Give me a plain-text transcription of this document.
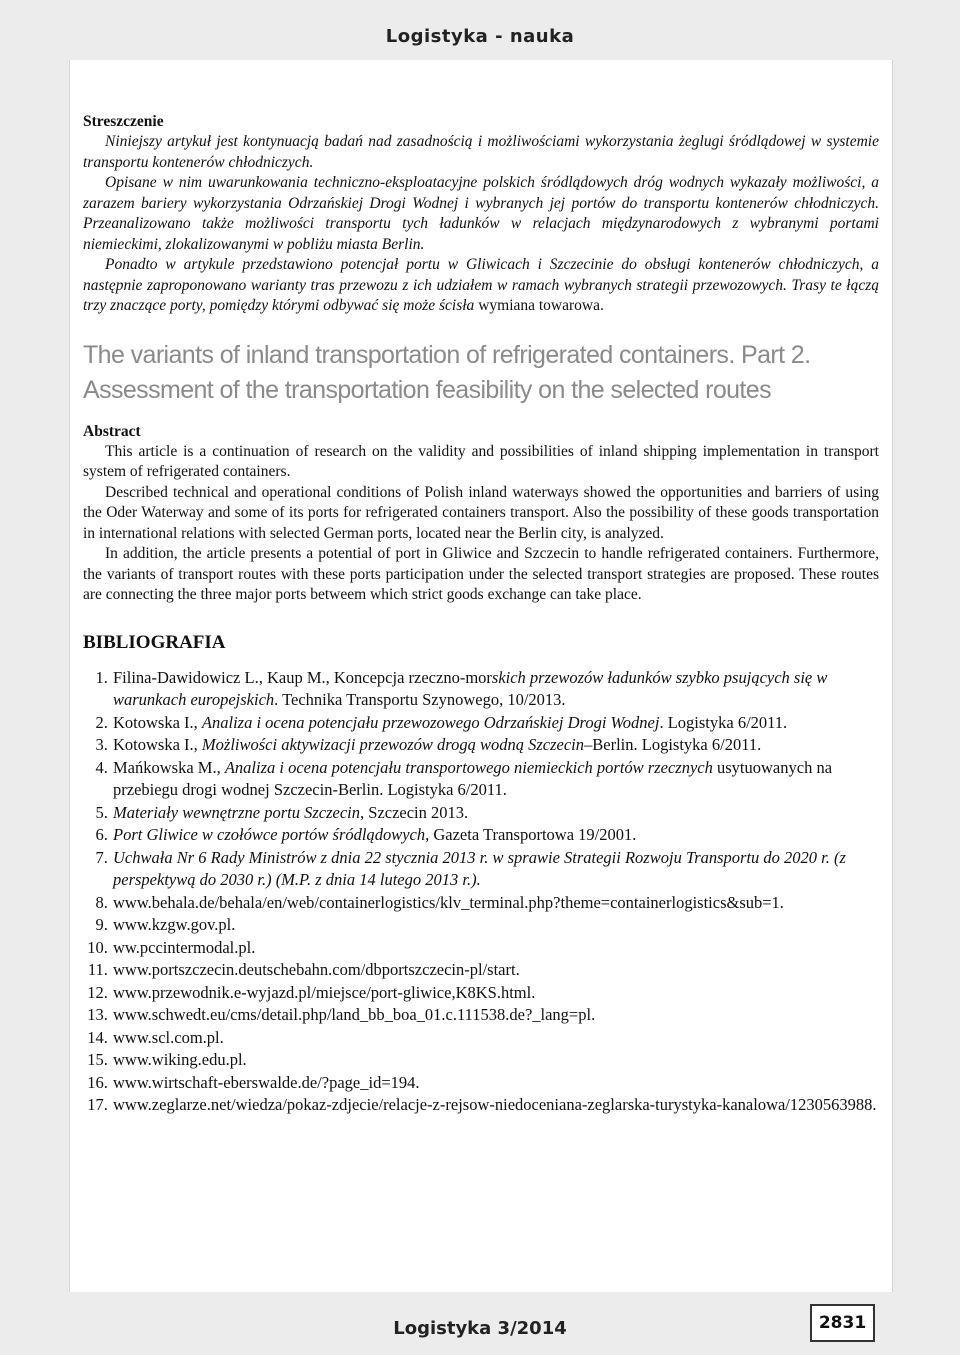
Logistyka - nauka
Streszczenie

Niniejszy artykuł jest kontynuacją badań nad zasadnością i możliwościami wykorzystania żeglugi śródlądowej w systemie transportu kontenerów chłodniczych.

Opisane w nim uwarunkowania techniczno-eksploatacyjne polskich śródlądowych dróg wodnych wykazały możliwości, a zarazem bariery wykorzystania Odrzańskiej Drogi Wodnej i wybranych jej portów do transportu kontenerów chłodniczych. Przeanalizowano także możliwości transportu tych ładunków w relacjach międzynarodowych z wybranymi portami niemieckimi, zlokalizowanymi w pobliżu miasta Berlin.

Ponadto w artykule przedstawiono potencjał portu w Gliwicach i Szczecinie do obsługi kontenerów chłodniczych, a następnie zaproponowano warianty tras przewozu z ich udziałem w ramach wybranych strategii przewozowych. Trasy te łączą trzy znaczące porty, pomiędzy którymi odbywać się może ścisła wymiana towarowa.

The variants of inland transportation of refrigerated containers. Part 2.
Assessment of the transportation feasibility on the selected routes
Abstract

This article is a continuation of research on the validity and possibilities of inland shipping implementation in transport system of refrigerated containers.

Described technical and operational conditions of Polish inland waterways showed the opportunities and barriers of using the Oder Waterway and some of its ports for refrigerated containers transport. Also the possibility of these goods transportation in international relations with selected German ports, located near the Berlin city, is analyzed.

In addition, the article presents a potential of port in Gliwice and Szczecin to handle refrigerated containers. Furthermore, the variants of transport routes with these ports participation under the selected transport strategies are proposed. These routes are connecting the three major ports betweem which strict goods exchange can take place.

BIBLIOGRAFIA
1. Filina-Dawidowicz L., Kaup M., Koncepcja rzeczno-morskich przewozów ładunków szybko psujących się w warunkach europejskich. Technika Transportu Szynowego, 10/2013.
2. Kotowska I., Analiza i ocena potencjału przewozowego Odrzańskiej Drogi Wodnej. Logistyka 6/2011.
3. Kotowska I., Możliwości aktywizacji przewozów drogą wodną Szczecin–Berlin. Logistyka 6/2011.
4. Mańkowska M., Analiza i ocena potencjału transportowego niemieckich portów rzecznych usytuowanych na przebiegu drogi wodnej Szczecin-Berlin. Logistyka 6/2011.
5. Materiały wewnętrzne portu Szczecin, Szczecin 2013.
6. Port Gliwice w czołówce portów śródlądowych, Gazeta Transportowa 19/2001.
7. Uchwała Nr 6 Rady Ministrów z dnia 22 stycznia 2013 r. w sprawie Strategii Rozwoju Transportu do 2020 r. (z perspektywą do 2030 r.) (M.P. z dnia 14 lutego 2013 r.).
8. www.behala.de/behala/en/web/containerlogistics/klv_terminal.php?theme=containerlogistics&sub=1.
9. www.kzgw.gov.pl.
10. ww.pccintermodal.pl.
11. www.portszczecin.deutschebahn.com/dbportszczecin-pl/start.
12. www.przewodnik.e-wyjazd.pl/miejsce/port-gliwice,K8KS.html.
13. www.schwedt.eu/cms/detail.php/land_bb_boa_01.c.111538.de?_lang=pl.
14. www.scl.com.pl.
15. www.wiking.edu.pl.
16. www.wirtschaft-eberswalde.de/?page_id=194.
17. www.zeglarze.net/wiedza/pokaz-zdjecie/relacje-z-rejsow-niedoceniana-zeglarska-turystyka-kanalowa/1230563988.
Logistyka 3/2014	2831
